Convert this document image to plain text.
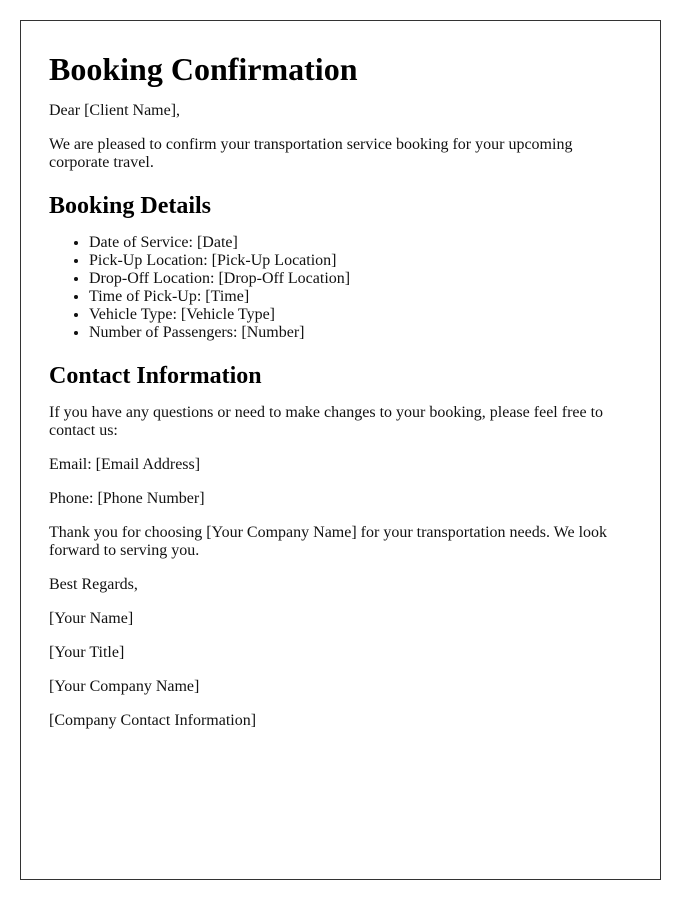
Booking Confirmation

Dear [Client Name],

We are pleased to confirm your transportation service booking for your upcoming corporate travel.

Booking Details
• Date of Service: [Date]
• Pick-Up Location: [Pick-Up Location]
• Drop-Off Location: [Drop-Off Location]
• Time of Pick-Up: [Time]
• Vehicle Type: [Vehicle Type]
• Number of Passengers: [Number]
Contact Information

If you have any questions or need to make changes to your booking, please feel free to contact us:

Email: [Email Address]

Phone: [Phone Number]

Thank you for choosing [Your Company Name] for your transportation needs. We look forward to serving you.

Best Regards,

[Your Name]

[Your Title]

[Your Company Name]

[Company Contact Information]
